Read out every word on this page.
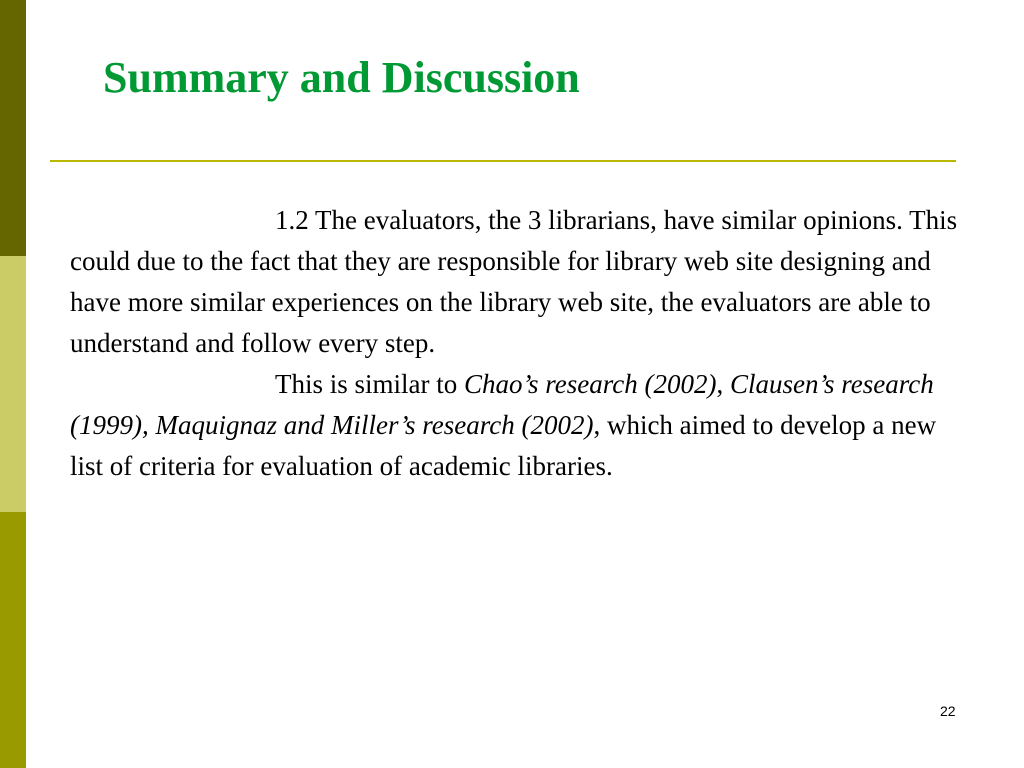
Summary and Discussion

1.2 The evaluators, the 3 librarians, have similar opinions. This could due to the fact that they are responsible for library web site designing and have more similar experiences on the library web site, the evaluators are able to understand and follow every step.

This is similar to Chao’s research (2002), Clausen’s research (1999), Maquignaz and Miller’s research (2002), which aimed to develop a new list of criteria for evaluation of academic libraries.

22
